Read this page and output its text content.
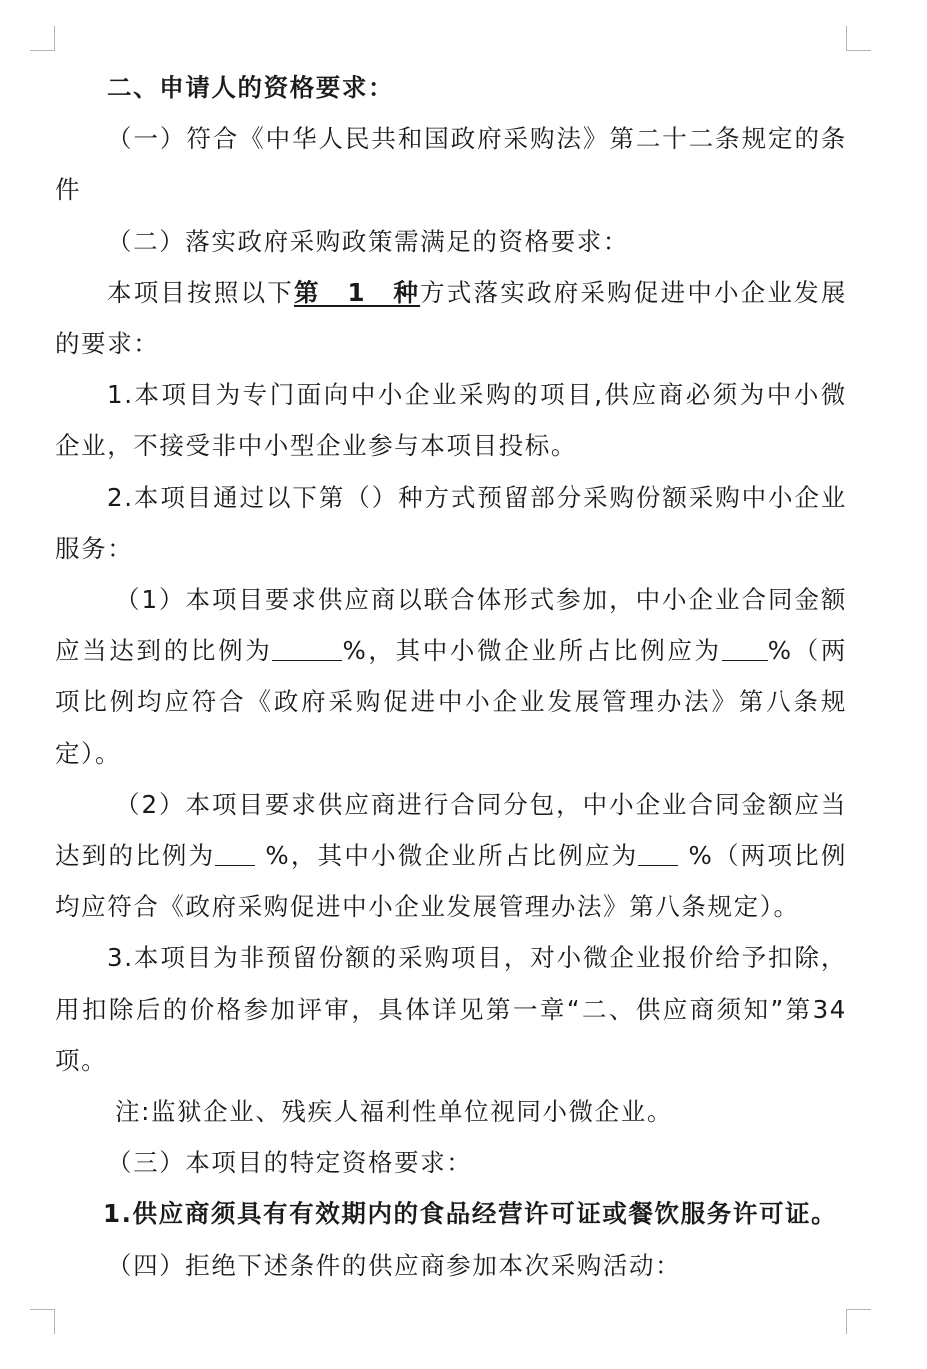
二、申请人的资格要求：

（一）符合《中华人民共和国政府采购法》第二十二条规定的条件

（二）落实政府采购政策需满足的资格要求：

本项目按照以下第　1　种方式落实政府采购促进中小企业发展的要求：

1.本项目为专门面向中小企业采购的项目,供应商必须为中小微企业，不接受非中小型企业参与本项目投标。

2.本项目通过以下第（）种方式预留部分采购份额采购中小企业服务：

（1）本项目要求供应商以联合体形式参加，中小企业合同金额应当达到的比例为	%，其中小微企业所占比例应为 %（两项比例均应符合《政府采购促进中小企业发展管理办法》第八条规定）。

（2）本项目要求供应商进行合同分包，中小企业合同金额应当达到的比例为 %，其中小微企业所占比例应为 %（两项比例均应符合《政府采购促进中小企业发展管理办法》第八条规定）。

3.本项目为非预留份额的采购项目，对小微企业报价给予扣除，用扣除后的价格参加评审，具体详见第一章“二、供应商须知”第34项。

注:监狱企业、残疾人福利性单位视同小微企业。

（三）本项目的特定资格要求：

1.供应商须具有有效期内的食品经营许可证或餐饮服务许可证。

（四）拒绝下述条件的供应商参加本次采购活动：
